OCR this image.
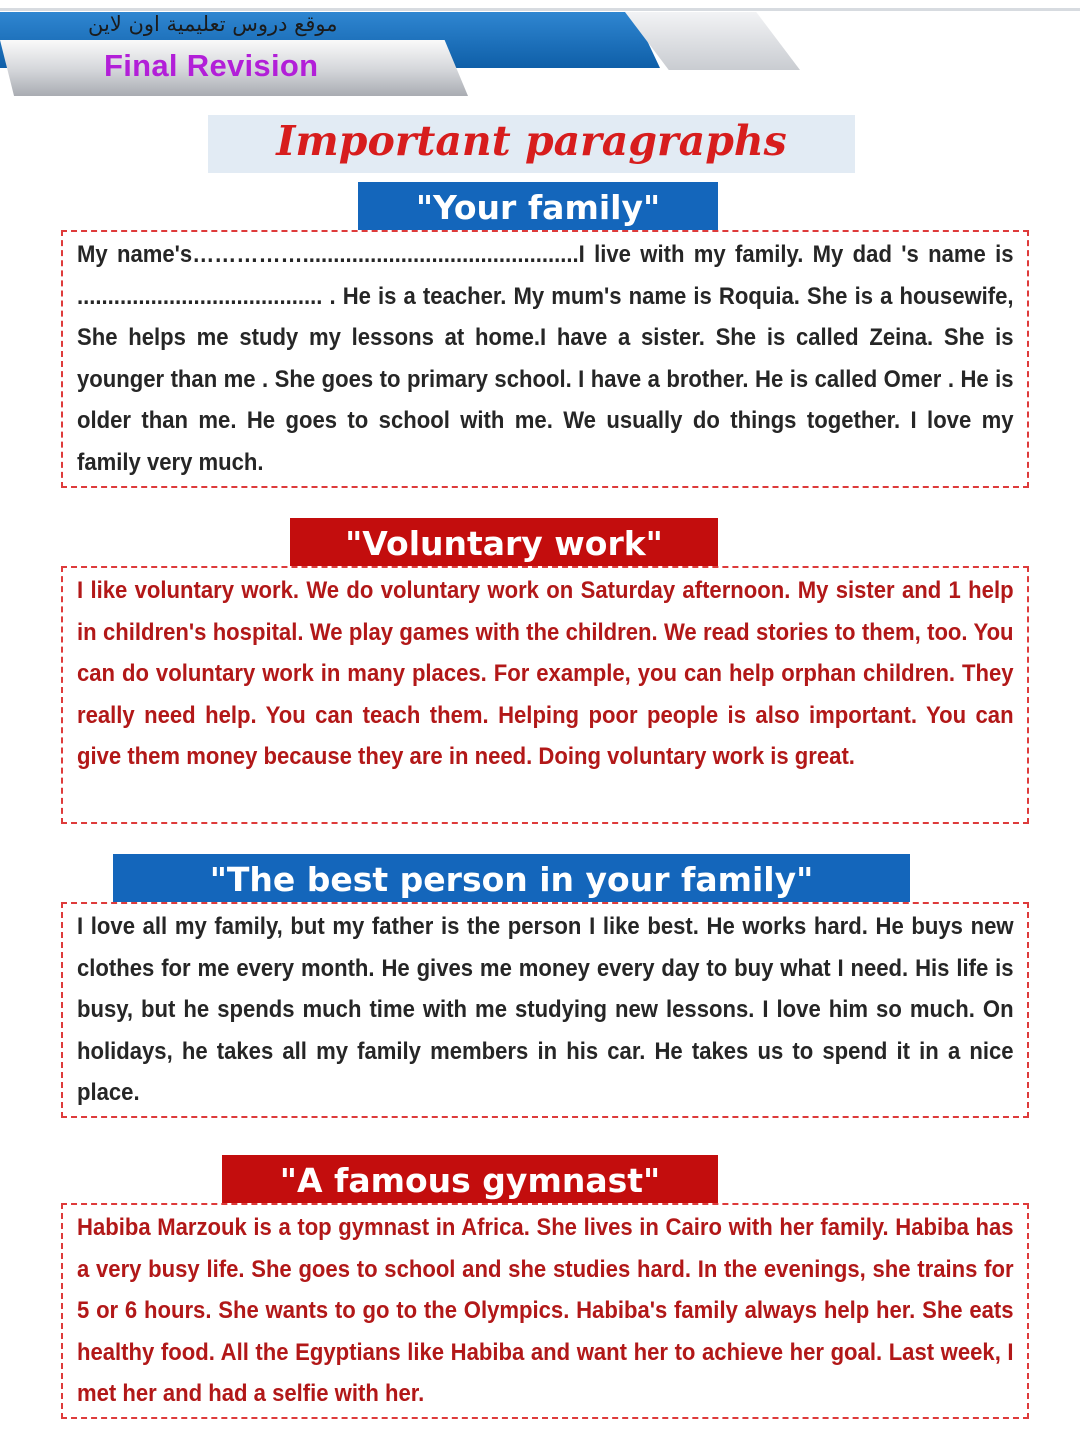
موقع دروس تعليمية اون لاين
Final Revision
Important paragraphs
"Your family"

My name's…………….............................................I live with my family. My dad 's name is ........................................ . He is a teacher. My mum's name is Roquia. She is a housewife, She helps me study my lessons at home.I have a sister. She is called Zeina. She is younger than me . She goes to primary school. I have a brother. He is called Omer . He is older than me. He goes to school with me. We usually do things together. I love my family very much.

"Voluntary work"

I like voluntary work. We do voluntary work on Saturday afternoon. My sister and 1 help in children's hospital. We play games with the children. We read stories to them, too. You can do voluntary work in many places. For example, you can help orphan children. They really need help. You can teach them. Helping poor people is also important. You can give them money because they are in need. Doing voluntary work is great.

"The best person in your family"

I love all my family, but my father is the person I like best. He works hard. He buys new clothes for me every month. He gives me money every day to buy what I need. His life is busy, but he spends much time with me studying new lessons. I love him so much. On holidays, he takes all my family members in his car. He takes us to spend it in a nice place.

"A famous gymnast"

Habiba Marzouk is a top gymnast in Africa. She lives in Cairo with her family. Habiba has a very busy life. She goes to school and she studies hard. In the evenings, she trains for 5 or 6 hours. She wants to go to the Olympics. Habiba's family always help her. She eats healthy food. All the Egyptians like Habiba and want her to achieve her goal. Last week, I met her and had a selfie with her.
